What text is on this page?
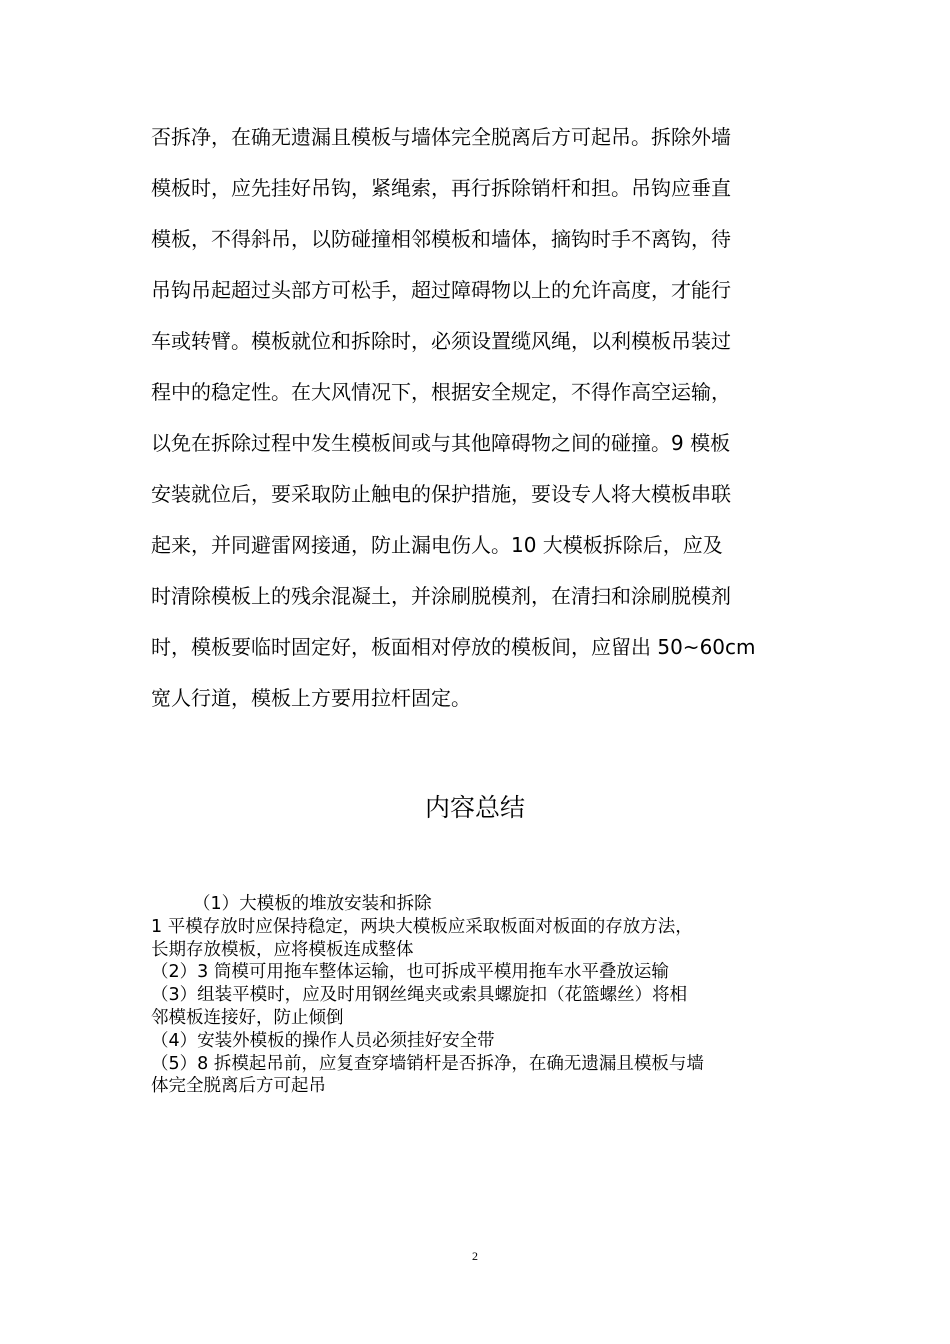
否拆净，在确无遗漏且模板与墙体完全脱离后方可起吊。拆除外墙
模板时，应先挂好吊钩，紧绳索，再行拆除销杆和担。吊钩应垂直
模板，不得斜吊，以防碰撞相邻模板和墙体，摘钩时手不离钩，待
吊钩吊起超过头部方可松手，超过障碍物以上的允许高度，才能行
车或转臂。模板就位和拆除时，必须设置缆风绳，以利模板吊装过
程中的稳定性。在大风情况下，根据安全规定，不得作高空运输，
以免在拆除过程中发生模板间或与其他障碍物之间的碰撞。9 模板
安装就位后，要采取防止触电的保护措施，要设专人将大模板串联
起来，并同避雷网接通，防止漏电伤人。10 大模板拆除后，应及
时清除模板上的残余混凝土，并涂刷脱模剂，在清扫和涂刷脱模剂
时，模板要临时固定好，板面相对停放的模板间，应留出 50~60cm
宽人行道，模板上方要用拉杆固定。
内容总结
（1）大模板的堆放安装和拆除
1 平模存放时应保持稳定，两块大模板应采取板面对板面的存放方法，
长期存放模板，应将模板连成整体
（2）3 筒模可用拖车整体运输，也可拆成平模用拖车水平叠放运输
（3）组装平模时，应及时用钢丝绳夹或索具螺旋扣（花篮螺丝）将相
邻模板连接好，防止倾倒
（4）安装外模板的操作人员必须挂好安全带
（5）8 拆模起吊前，应复查穿墙销杆是否拆净，在确无遗漏且模板与墙
体完全脱离后方可起吊
2
